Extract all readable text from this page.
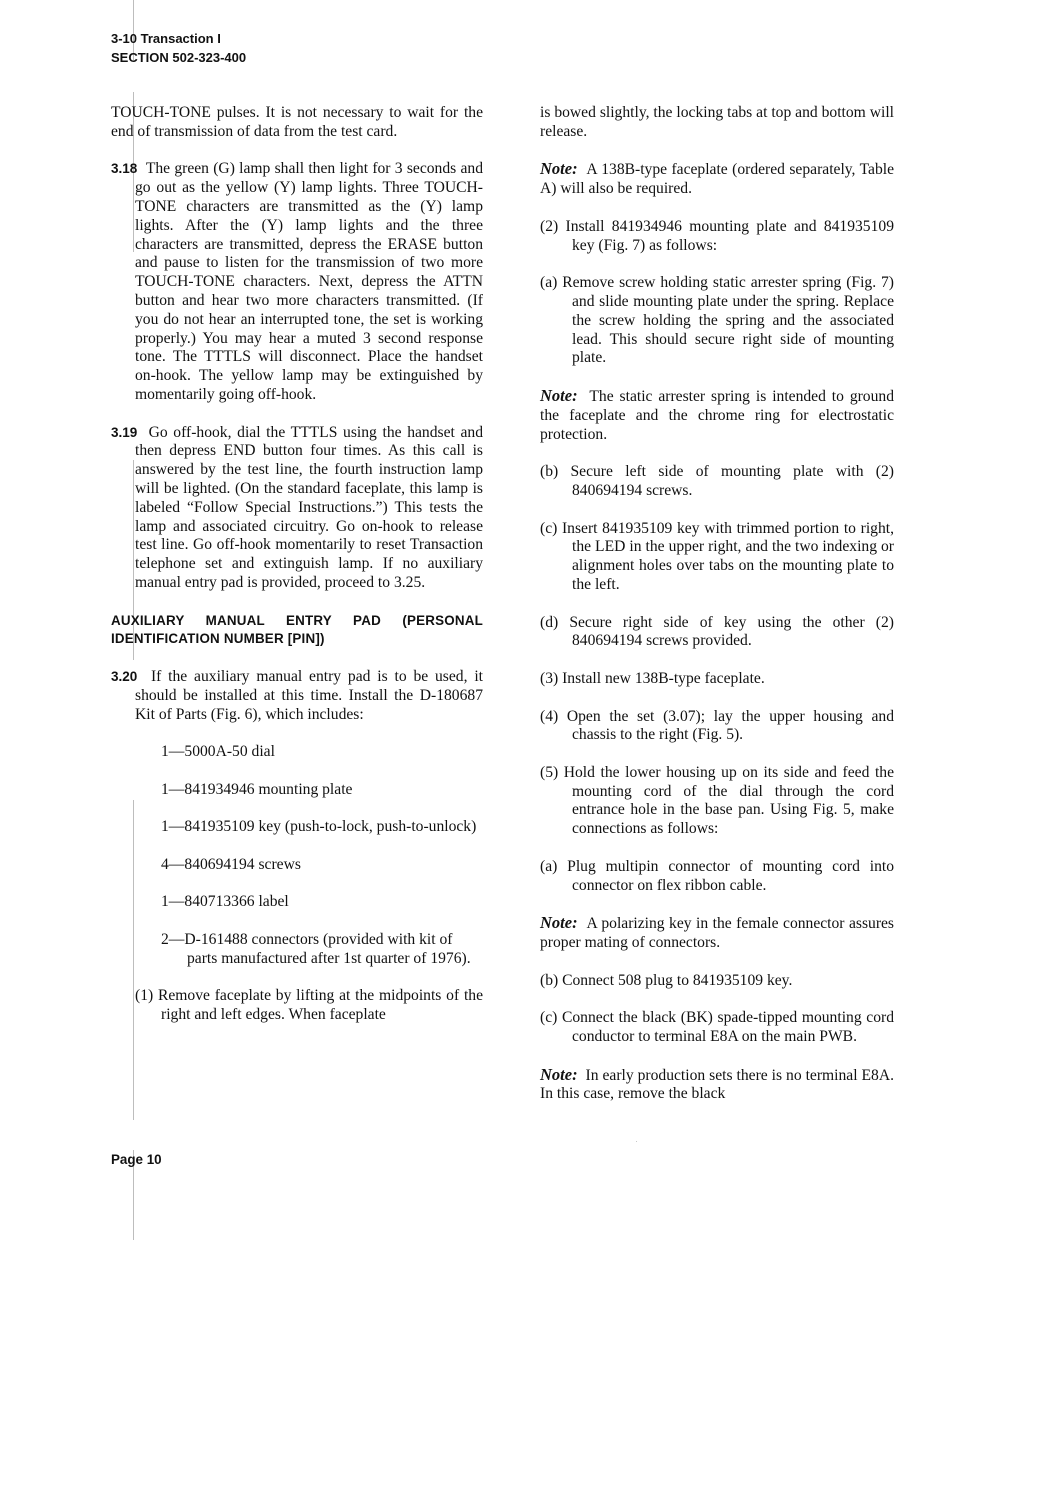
3-10 Transaction I
SECTION 502-323-400

TOUCH-TONE pulses. It is not necessary to wait for the end of transmission of data from the test card.

3.18 The green (G) lamp shall then light for 3 seconds and go out as the yellow (Y) lamp lights. Three TOUCH-TONE characters are transmitted as the (Y) lamp lights. After the (Y) lamp lights and the three characters are transmitted, depress the ERASE button and pause to listen for the transmission of two more TOUCH-TONE characters. Next, depress the ATTN button and hear two more characters transmitted. (If you do not hear an interrupted tone, the set is working properly.) You may hear a muted 3 second response tone. The TTTLS will disconnect. Place the handset on-hook. The yellow lamp may be extinguished by momentarily going off-hook.

3.19 Go off-hook, dial the TTTLS using the handset and then depress END button four times. As this call is answered by the test line, the fourth instruction lamp will be lighted. (On the standard faceplate, this lamp is labeled “Follow Special Instructions.”) This tests the lamp and associated circuitry. Go on-hook to release test line. Go off-hook momentarily to reset Transaction telephone set and extinguish lamp. If no auxiliary manual entry pad is provided, proceed to 3.25.

AUXILIARY MANUAL ENTRY PAD (PERSONAL IDENTIFICATION NUMBER [PIN])

3.20 If the auxiliary manual entry pad is to be used, it should be installed at this time. Install the D-180687 Kit of Parts (Fig. 6), which includes:

1—5000A-50 dial

1—841934946 mounting plate

1—841935109 key (push-to-lock, push-to-unlock)

4—840694194 screws

1—840713366 label

2—D-161488 connectors (provided with kit of parts manufactured after 1st quarter of 1976).

(1) Remove faceplate by lifting at the midpoints of the right and left edges. When faceplate

is bowed slightly, the locking tabs at top and bottom will release.

Note: A 138B-type faceplate (ordered separately, Table A) will also be required.

(2) Install 841934946 mounting plate and 841935109 key (Fig. 7) as follows:

(a) Remove screw holding static arrester spring (Fig. 7) and slide mounting plate under the spring. Replace the screw holding the spring and the associated lead. This should secure right side of mounting plate.

Note: The static arrester spring is intended to ground the faceplate and the chrome ring for electrostatic protection.

(b) Secure left side of mounting plate with (2) 840694194 screws.

(c) Insert 841935109 key with trimmed portion to right, the LED in the upper right, and the two indexing or alignment holes over tabs on the mounting plate to the left.

(d) Secure right side of key using the other (2) 840694194 screws provided.

(3) Install new 138B-type faceplate.

(4) Open the set (3.07); lay the upper housing and chassis to the right (Fig. 5).

(5) Hold the lower housing up on its side and feed the mounting cord of the dial through the cord entrance hole in the base pan. Using Fig. 5, make connections as follows:

(a) Plug multipin connector of mounting cord into connector on flex ribbon cable.

Note: A polarizing key in the female connector assures proper mating of connectors.

(b) Connect 508 plug to 841935109 key.

(c) Connect the black (BK) spade-tipped mounting cord conductor to terminal E8A on the main PWB.

Note: In early production sets there is no terminal E8A. In this case, remove the black

Page 10
